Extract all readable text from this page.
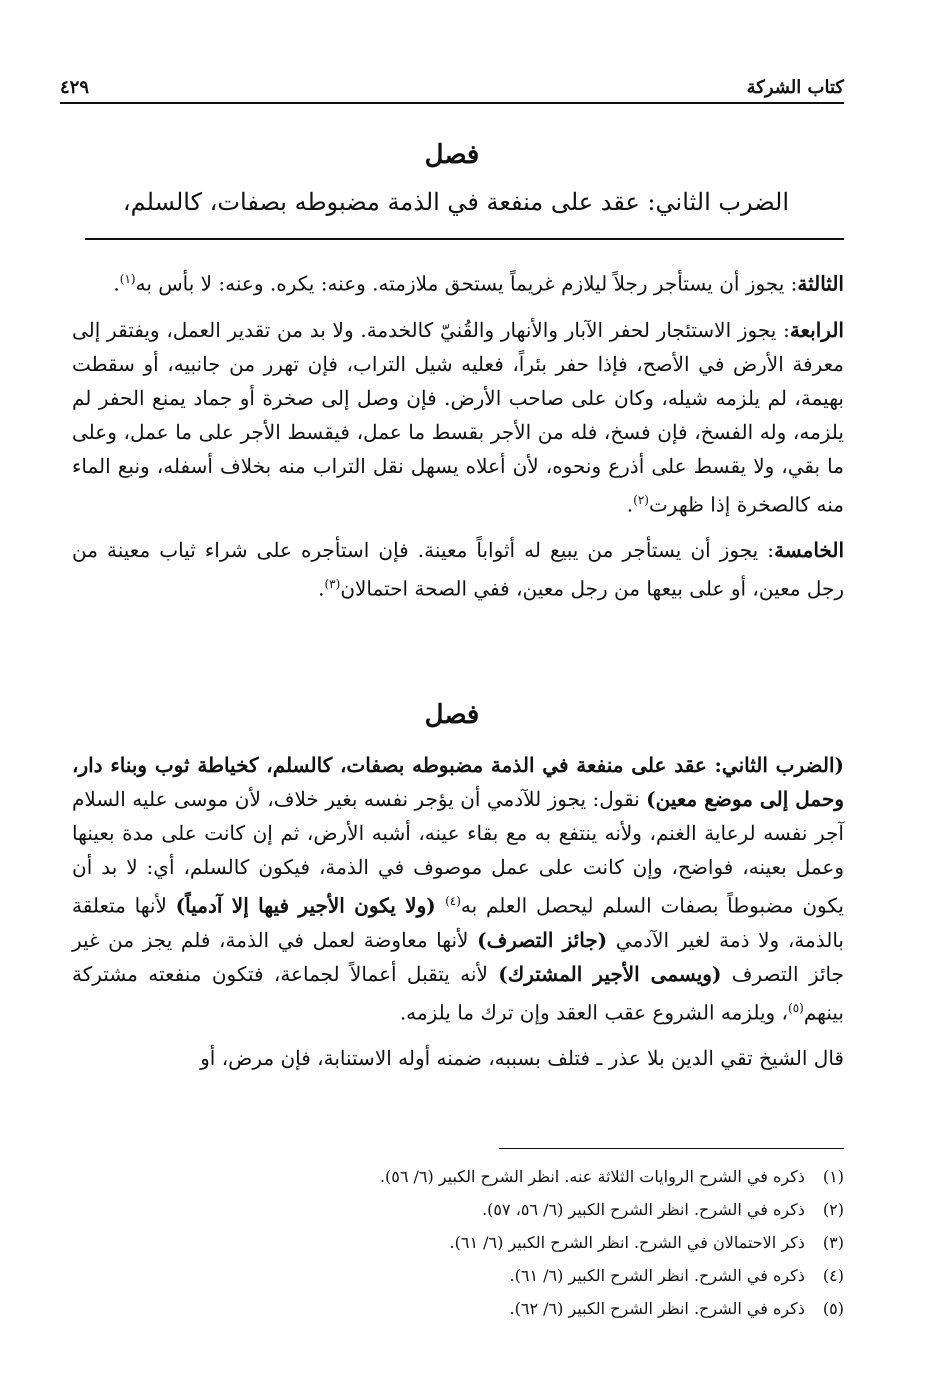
كتاب الشركة
٤٢٩
فصل
الضرب الثاني: عقد على منفعة في الذمة مضبوطه بصفات، كالسلم،

الثالثة: يجوز أن يستأجر رجلاً ليلازم غريماً يستحق ملازمته. وعنه: يكره. وعنه: لا بأس به(١).

الرابعة: يجوز الاستئجار لحفر الآبار والأنهار والقُنيّ كالخدمة. ولا بد من تقدير العمل، ويفتقر إلى معرفة الأرض في الأصح، فإذا حفر بئراً، فعليه شيل التراب، فإن تهرر من جانبيه، أو سقطت بهيمة، لم يلزمه شيله، وكان على صاحب الأرض. فإن وصل إلى صخرة أو جماد يمنع الحفر لم يلزمه، وله الفسخ، فإن فسخ، فله من الأجر بقسط ما عمل، فيقسط الأجر على ما عمل، وعلى ما بقي، ولا يقسط على أذرع ونحوه، لأن أعلاه يسهل نقل التراب منه بخلاف أسفله، ونبع الماء منه كالصخرة إذا ظهرت(٢).

الخامسة: يجوز أن يستأجر من يبيع له أثواباً معينة. فإن استأجره على شراء ثياب معينة من رجل معين، أو على بيعها من رجل معين، ففي الصحة احتمالان(٣).

فصل

(الضرب الثاني: عقد على منفعة في الذمة مضبوطه بصفات، كالسلم، كخياطة ثوب وبناء دار، وحمل إلى موضع معين) نقول: يجوز للآدمي أن يؤجر نفسه بغير خلاف، لأن موسى عليه السلام آجر نفسه لرعاية الغنم، ولأنه ينتفع به مع بقاء عينه، أشبه الأرض، ثم إن كانت على مدة بعينها وعمل بعينه، فواضح، وإن كانت على عمل موصوف في الذمة، فيكون كالسلم، أي: لا بد أن يكون مضبوطاً بصفات السلم ليحصل العلم به(٤) (ولا يكون الأجير فيها إلا آدمياً) لأنها متعلقة بالذمة، ولا ذمة لغير الآدمي (جائز التصرف) لأنها معاوضة لعمل في الذمة، فلم يجز من غير جائز التصرف (ويسمى الأجير المشترك) لأنه يتقبل أعمالاً لجماعة، فتكون منفعته مشتركة بينهم(٥)، ويلزمه الشروع عقب العقد وإن ترك ما يلزمه.

قال الشيخ تقي الدين بلا عذر ـ فتلف بسببه، ضمنه أوله الاستنابة، فإن مرض، أو

(١) ذكره في الشرح الروايات الثلاثة عنه. انظر الشرح الكبير (٦/ ٥٦).
(٢) ذكره في الشرح. انظر الشرح الكبير (٦/ ٥٦، ٥٧).
(٣) ذكر الاحتمالان في الشرح. انظر الشرح الكبير (٦/ ٦١).
(٤) ذكره في الشرح. انظر الشرح الكبير (٦/ ٦١).
(٥) ذكره في الشرح. انظر الشرح الكبير (٦/ ٦٢).
